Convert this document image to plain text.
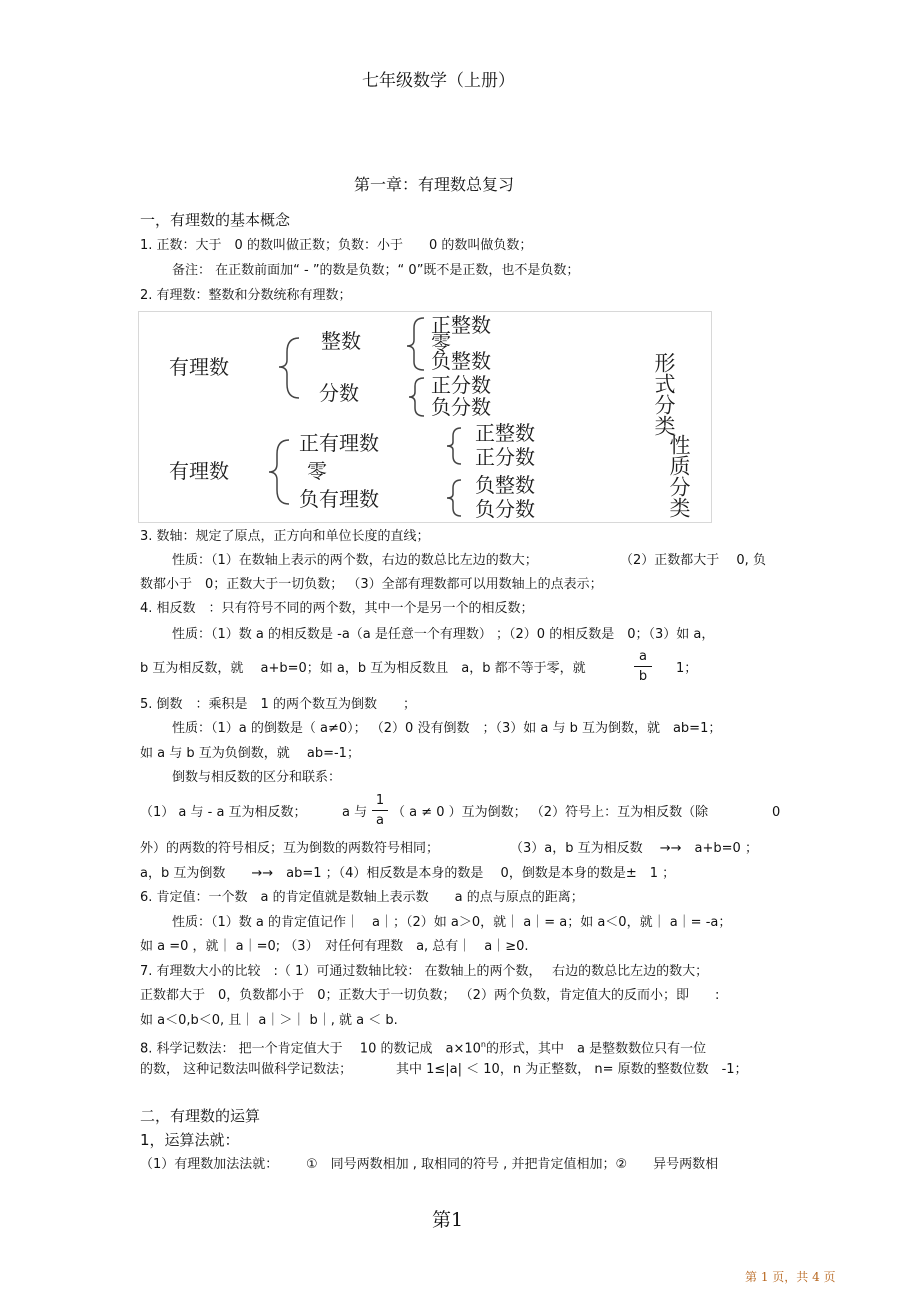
七年级数学（上册）
第一章：有理数总复习
一，有理数的基本概念
1. 正数：大于　0 的数叫做正数；负数：小于　　0 的数叫做负数；
备注： 在正数前面加“ - ”的数是负数；“ 0”既不是正数，也不是负数；
2. 有理数：整数和分数统称有理数；
有理数
整数
分数
正整数
零
负整数
正分数
负分数	形式分类
有理数
正有理数
零
负有理数
正整数
正分数
负整数
负分数	性质分类
3. 数轴：规定了原点，正方向和单位长度的直线；
性质：（1）在数轴上表示的两个数，右边的数总比左边的数大；	（2）正数都大于　 0, 负
数都小于　0；正数大于一切负数； （3）全部有理数都可以用数轴上的点表示；
4. 相反数　：只有符号不同的两个数，其中一个是另一个的相反数；
性质：（1）数 a 的相反数是 -a（a 是任意一个有理数） ；（2）0 的相反数是　0；（3）如 a，
b 互为相反数，就　 a+b=0；如 a，b 互为相反数且　a，b 都不等于零，就	$\frac{a}{b} 1$；
5. 倒数　：乘积是　1 的两个数互为倒数　　；
性质：（1）a 的倒数是（ a≠0）； （2）0 没有倒数　；（3）如 a 与 b 互为倒数，就　ab=1；
如 a 与 b 互为负倒数，就　 ab=-1；
倒数与相反数的区分和联系：
（1） a 与 - a 互为相反数；	a 与 $\frac{1}{a}$ （ a ≠ 0 ）互为倒数； （2）符号上：互为相反数（除	0
外）的两数的符号相反；互为倒数的两数符号相同；	（3）a，b 互为相反数　 →→　a+b=0 ；
a，b 互为倒数　　→→　ab=1 ；（4）相反数是本身的数是　 0，倒数是本身的数是±　1 ；
6. 肯定值：一个数　a 的肯定值就是数轴上表示数　　a 的点与原点的距离；
性质：（1）数 a 的肯定值记作｜　a｜；（2）如 a＞0，就｜ a｜= a；如 a＜0，就｜ a｜= -a；
如 a =0 ，就｜ a｜=0; （3）　对任何有理数　a, 总有｜　a｜≥0.
7. 有理数大小的比较　:（ 1）可通过数轴比较： 在数轴上的两个数，　 右边的数总比左边的数大；
正数都大于　0，负数都小于　0；正数大于一切负数； （2）两个负数，肯定值大的反而小；即　　:
如 a＜0,b＜0, 且｜ a｜＞｜ b｜, 就 a ＜ b.
8. 科学记数法： 把一个肯定值大于　 10 的数记成　$a\times 10^n$的形式，其中　a 是整数数位只有一位
的数， 这种记数法叫做科学记数法；	其中 1≤|a| ＜ 10，n 为正整数， n= 原数的整数位数　-1；
二，有理数的运算
1，运算法就：
（1）有理数加法法就： ①　同号两数相加 , 取相同的符号 , 并把肯定值相加；②　　异号两数相
第1
第 1 页，共 4 页
